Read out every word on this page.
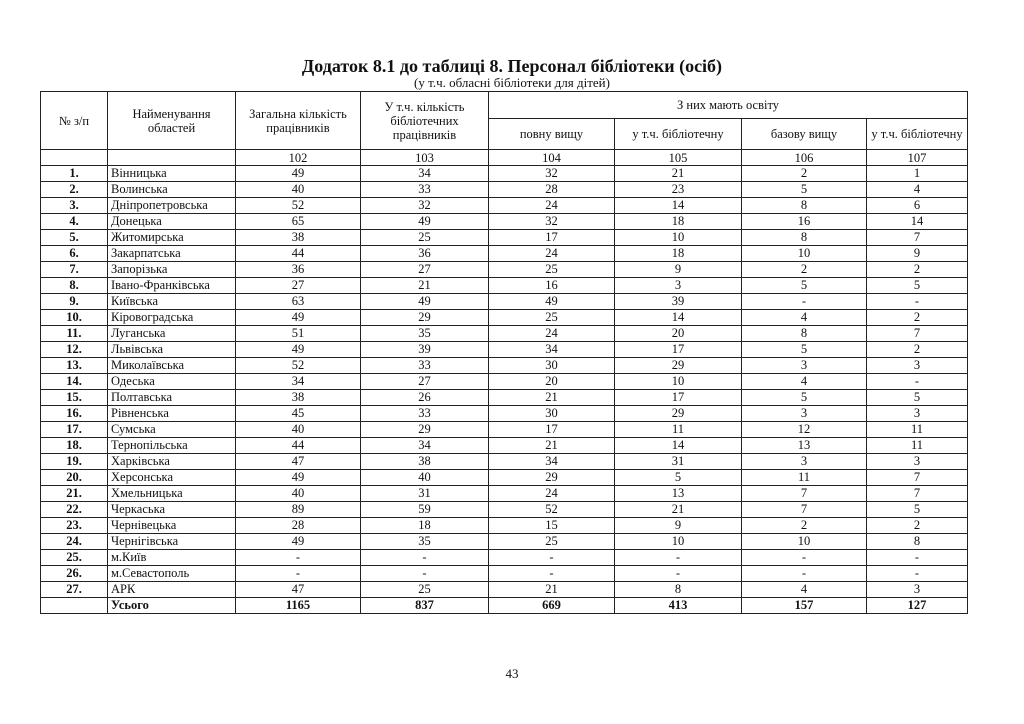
Додаток 8.1 до таблиці 8. Персонал бібліотеки (осіб)
(у т.ч. обласні бібліотеки для дітей)
№ з/п	Найменування областей	Загальна кількість працівників	У т.ч. кількість бібліотечних працівників	З них мають освіту			
				повну вищу	у т.ч. бібліотечну	базову вищу	у т.ч. бібліотечну
		102	103	104	105	106	107
1.	Вінницька	49	34	32	21	2	1
2.	Волинська	40	33	28	23	5	4
3.	Дніпропетровська	52	32	24	14	8	6
4.	Донецька	65	49	32	18	16	14
5.	Житомирська	38	25	17	10	8	7
6.	Закарпатська	44	36	24	18	10	9
7.	Запорізька	36	27	25	9	2	2
8.	Івано-Франківська	27	21	16	3	5	5
9.	Київська	63	49	49	39	-	-
10.	Кіровоградська	49	29	25	14	4	2
11.	Луганська	51	35	24	20	8	7
12.	Львівська	49	39	34	17	5	2
13.	Миколаївська	52	33	30	29	3	3
14.	Одеська	34	27	20	10	4	-
15.	Полтавська	38	26	21	17	5	5
16.	Рівненська	45	33	30	29	3	3
17.	Сумська	40	29	17	11	12	11
18.	Тернопільська	44	34	21	14	13	11
19.	Харківська	47	38	34	31	3	3
20.	Херсонська	49	40	29	5	11	7
21.	Хмельницька	40	31	24	13	7	7
22.	Черкаська	89	59	52	21	7	5
23.	Чернівецька	28	18	15	9	2	2
24.	Чернігівська	49	35	25	10	10	8
25.	м.Київ	-	-	-	-	-	-
26.	м.Севастополь	-	-	-	-	-	-
27.	АРК	47	25	21	8	4	3
	Усього	1165	837	669	413	157	127
43
